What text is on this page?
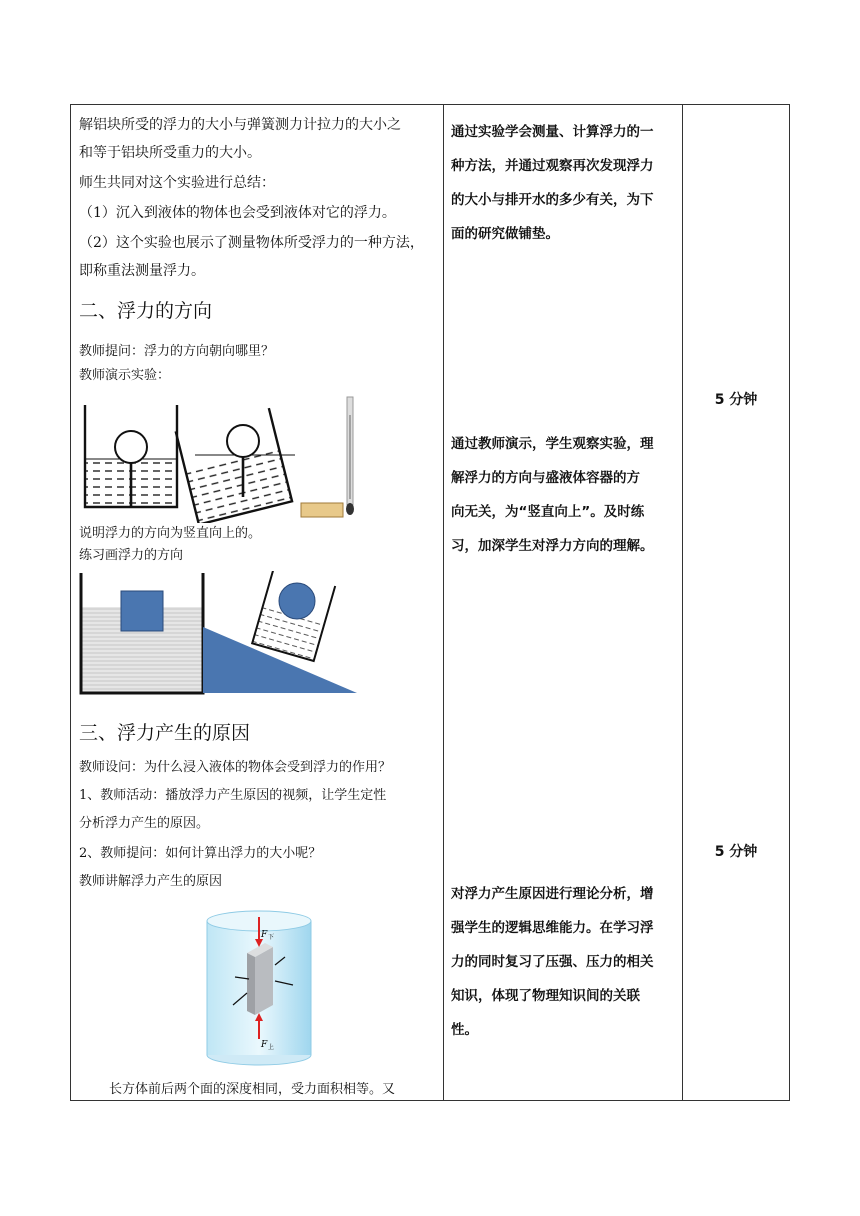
解铝块所受的浮力的大小与弹簧测力计拉力的大小之

和等于铝块所受重力的大小。

师生共同对这个实验进行总结：

（1）沉入到液体的物体也会受到液体对它的浮力。

（2）这个实验也展示了测量物体所受浮力的一种方法，

即称重法测量浮力。

二、浮力的方向

教师提问：浮力的方向朝向哪里？

教师演示实验：

说明浮力的方向为竖直向上的。

练习画浮力的方向

三、浮力产生的原因

教师设问：为什么浸入液体的物体会受到浮力的作用？

1、教师活动：播放浮力产生原因的视频，让学生定性

分析浮力产生的原因。

2、教师提问：如何计算出浮力的大小呢？

教师讲解浮力产生的原因

F 下
F 上

长方体前后两个面的深度相同，受力面积相等。又

通过实验学会测量、计算浮力的一
种方法，并通过观察再次发现浮力
的大小与排开水的多少有关，为下
面的研究做铺垫。
通过教师演示，学生观察实验，理
解浮力的方向与盛液体容器的方
向无关，为“竖直向上”。及时练
习，加深学生对浮力方向的理解。
对浮力产生原因进行理论分析，增
强学生的逻辑思维能力。在学习浮
力的同时复习了压强、压力的相关
知识，体现了物理知识间的关联
性。
5 分钟
5 分钟
